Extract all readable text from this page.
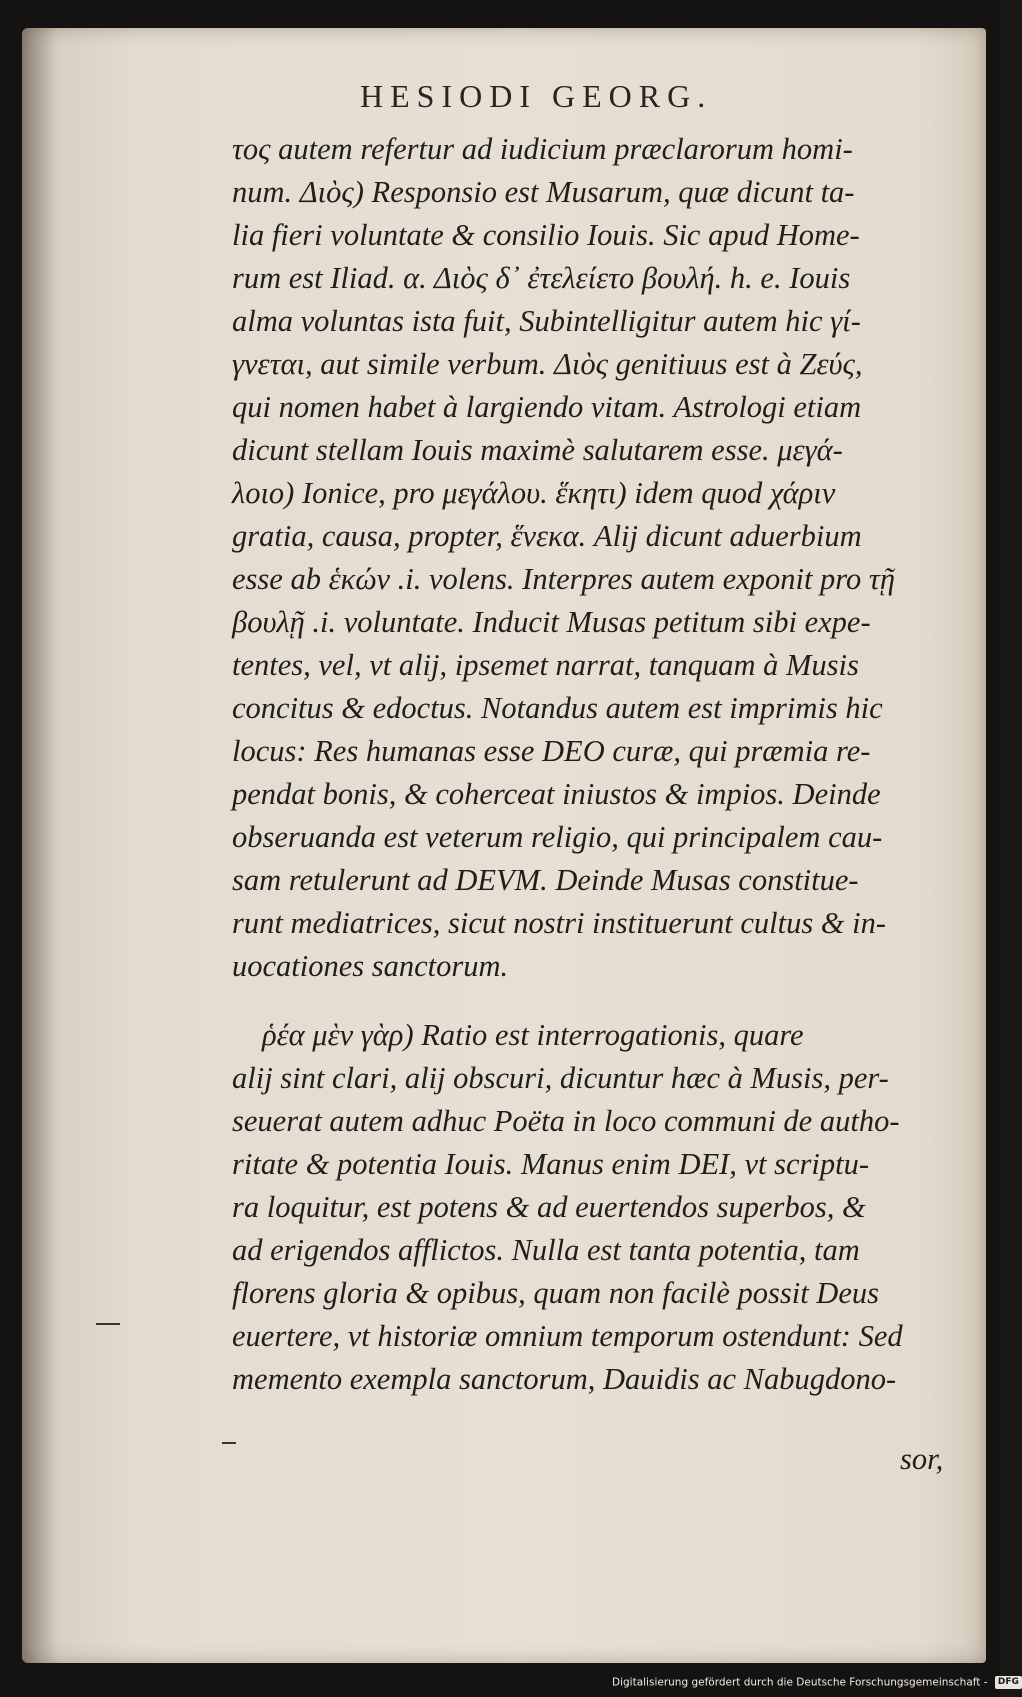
HESIODI GEORG.
τος autem refertur ad iudicium præclarorum homi-
num. Διὸς) Responsio est Musarum, quæ dicunt ta-
lia fieri voluntate & consilio Iouis. Sic apud Home-
rum est Iliad. α. Διὸς δ᾽ ἐτελείετο βουλή. h. e. Iouis
alma voluntas ista fuit, Subintelligitur autem hic γί-
γνεται, aut simile verbum. Διὸς genitiuus est à Ζεύς,
qui nomen habet à largiendo vitam. Astrologi etiam
dicunt stellam Iouis maximè salutarem esse. μεγά-
λοιο) Ionice, pro μεγάλου. ἕκητι) idem quod χάριν
gratia, causa, propter, ἕνεκα. Alij dicunt aduerbium
esse ab ἑκών .i. volens. Interpres autem exponit pro τῇ
βουλῇ .i. voluntate. Inducit Musas petitum sibi expe-
tentes, vel, vt alij, ipsemet narrat, tanquam à Musis
concitus & edoctus. Notandus autem est imprimis hic
locus: Res humanas esse DEO curæ, qui præmia re-
pendat bonis, & coherceat iniustos & impios. Deinde
obseruanda est veterum religio, qui principalem cau-
sam retulerunt ad DEVM. Deinde Musas constitue-
runt mediatrices, sicut nostri instituerunt cultus & in-
uocationes sanctorum.
ῥέα μὲν γὰρ) Ratio est interrogationis, quare
alij sint clari, alij obscuri, dicuntur hæc à Musis, per-
seuerat autem adhuc Poëta in loco communi de autho-
ritate & potentia Iouis. Manus enim DEI, vt scriptu-
ra loquitur, est potens & ad euertendos superbos, &
ad erigendos afflictos. Nulla est tanta potentia, tam
florens gloria & opibus, quam non facilè possit Deus
euertere, vt historiæ omnium temporum ostendunt: Sed
memento exempla sanctorum, Dauidis ac Nabugdono-
sor,
Digitalisierung gefördert durch die Deutsche Forschungsgemeinschaft - DFG
